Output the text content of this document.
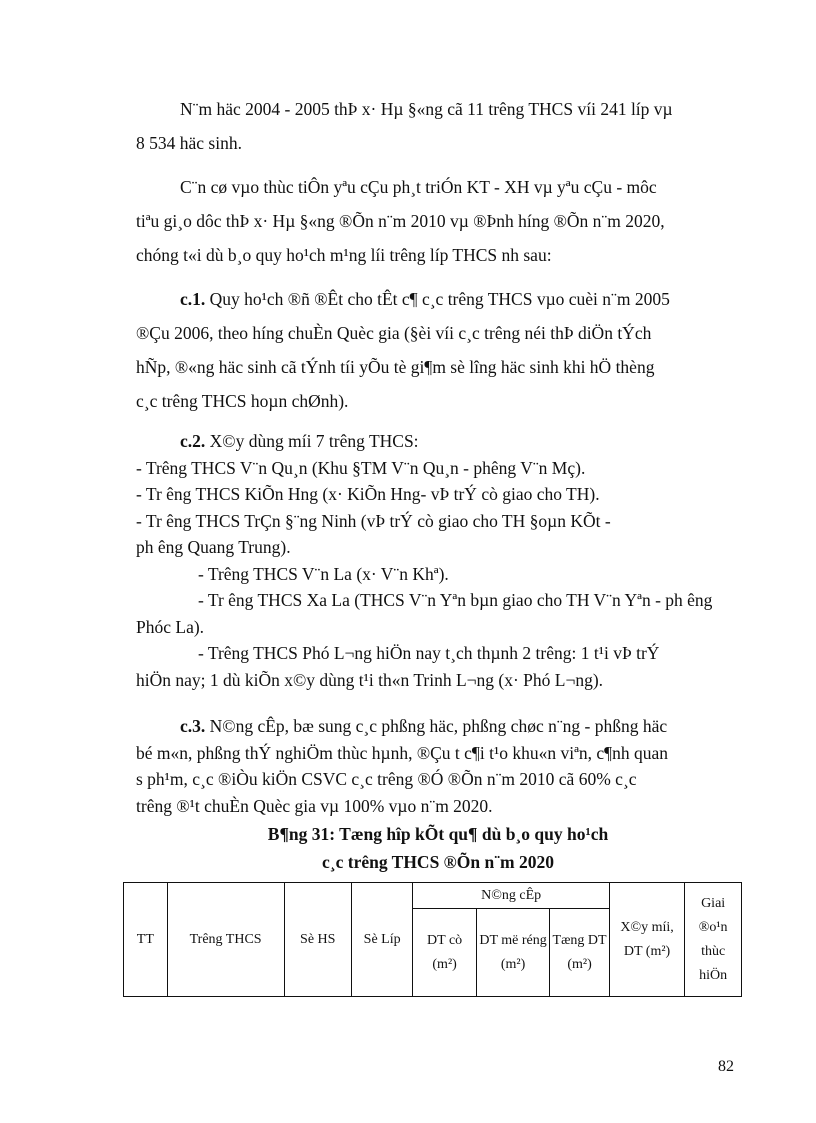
N¨m häc 2004 - 2005 thÞ x· Hµ §«ng cã 11 trêng THCS víi 241 líp vµ
8 534 häc sinh.
C¨n cø vµo thùc tiÔn yªu cÇu ph¸t triÓn KT - XH vµ yªu cÇu - môc
tiªu gi¸o dôc thÞ x· Hµ §«ng ®Õn n¨m 2010 vµ ®Þnh híng ®Õn n¨m 2020,
chóng t«i dù b¸o quy ho¹ch m¹ng líi trêng líp THCS nh sau:
c.1. Quy ho¹ch ®ñ ®Êt cho tÊt c¶ c¸c trêng THCS vµo cuèi n¨m 2005
®Çu 2006, theo híng chuÈn Quèc gia (§èi víi c¸c trêng néi thÞ diÖn tÝch
hÑp, ®«ng häc sinh cã tÝnh tíi yÕu tè gi¶m sè lîng häc sinh khi hÖ thèng
c¸c trêng THCS hoµn chØnh).
c.2. X©y dùng míi 7 trêng THCS:
- Trêng THCS V¨n Qu¸n (Khu §TM V¨n Qu¸n - phêng V¨n Mç).
- Tr êng THCS KiÕn Hng (x· KiÕn Hng- vÞ trÝ cò giao cho TH).
- Tr êng THCS TrÇn §¨ng Ninh (vÞ trÝ cò giao cho TH §oµn KÕt -
ph êng Quang Trung).
- Trêng THCS V¨n La (x· V¨n Khª).
- Tr êng THCS Xa La (THCS V¨n Yªn bµn giao cho TH V¨n Yªn - ph êng
Phóc La).
- Trêng THCS Phó L¬ng hiÖn nay t¸ch thµnh 2 trêng: 1 t¹i vÞ trÝ
hiÖn nay; 1 dù kiÕn x©y dùng t¹i th«n Trinh L¬ng (x· Phó L¬ng).
c.3. N©ng cÊp, bæ sung c¸c phßng häc, phßng chøc n¨ng - phßng häc
bé m«n, phßng thÝ nghiÖm thùc hµnh, ®Çu t c¶i t¹o khu«n viªn, c¶nh quan
s ph¹m, c¸c ®iÒu kiÖn CSVC c¸c trêng ®Ó ®Õn n¨m 2010 cã 60% c¸c
trêng ®¹t chuÈn Quèc gia vµ 100% vµo n¨m 2020.
B¶ng 31: Tæng hîp kÕt qu¶ dù b¸o quy ho¹ch
c¸c trêng THCS ®Õn n¨m 2020
TT	Trêng THCS	Sè HS	Sè Líp	N©ng cÊp			X©y míi, DT (m²)	Giai ®o¹n thùc hiÖn
				DT cò (m²)	DT më réng (m²)	Tæng DT (m²)		
82
